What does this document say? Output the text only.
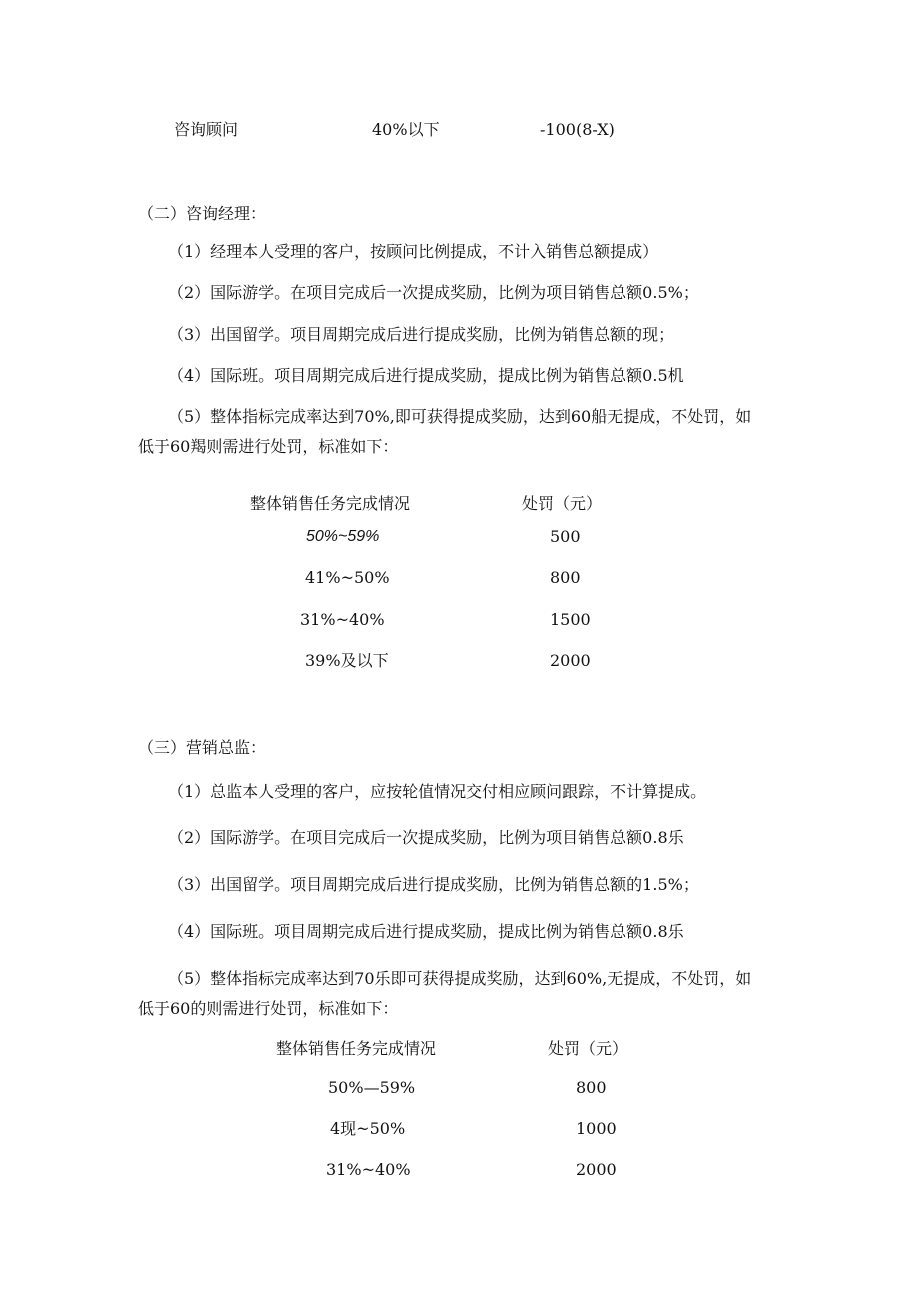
咨询顾问	40%以下	-100(8-X)
（二）咨询经理：
（1）经理本人受理的客户，按顾问比例提成，不计入销售总额提成）
（2）国际游学。在项目完成后一次提成奖励，比例为项目销售总额0.5%；
（3）出国留学。项目周期完成后进行提成奖励，比例为销售总额的现；
（4）国际班。项目周期完成后进行提成奖励，提成比例为销售总额0.5机
（5）整体指标完成率达到70%,即可获得提成奖励，达到60船无提成，不处罚，如
低于60羯则需进行处罚，标准如下：
整体销售任务完成情况	处罚（元）
50%~59%	500
41%~50%	800
31%~40%	1500
39%及以下	2000
（三）营销总监：
（1）总监本人受理的客户，应按轮值情况交付相应顾问跟踪，不计算提成。
（2）国际游学。在项目完成后一次提成奖励，比例为项目销售总额0.8乐
（3）出国留学。项目周期完成后进行提成奖励，比例为销售总额的1.5%；
（4）国际班。项目周期完成后进行提成奖励，提成比例为销售总额0.8乐
（5）整体指标完成率达到70乐即可获得提成奖励，达到60%,无提成，不处罚，如
低于60的则需进行处罚，标准如下：
整体销售任务完成情况	处罚（元）
50%—59%	800
4现~50%	1000
31%~40%	2000
